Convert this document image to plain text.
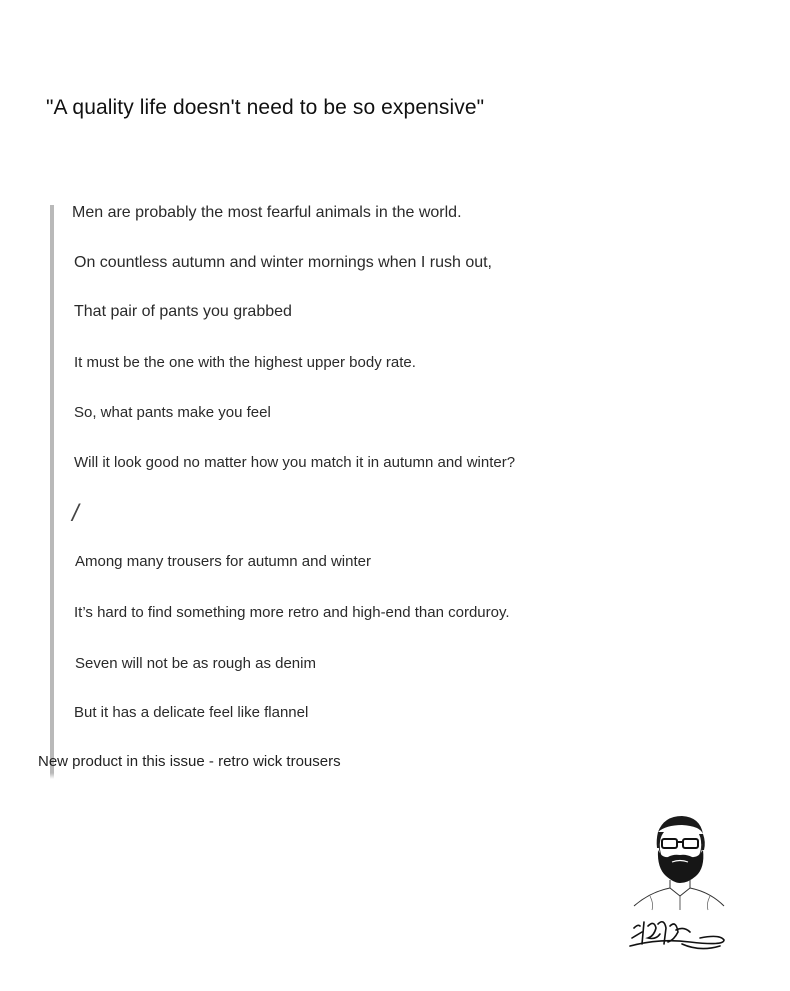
"A quality life doesn't need to be so expensive"
Men are probably the most fearful animals in the world.
On countless autumn and winter mornings when I rush out,
That pair of pants you grabbed
It must be the one with the highest upper body rate.
So, what pants make you feel
Will it look good no matter how you match it in autumn and winter?
/
Among many trousers for autumn and winter
It’s hard to find something more retro and high-end than corduroy.
Seven will not be as rough as denim
But it has a delicate feel like flannel
New product in this issue - retro wick trousers
